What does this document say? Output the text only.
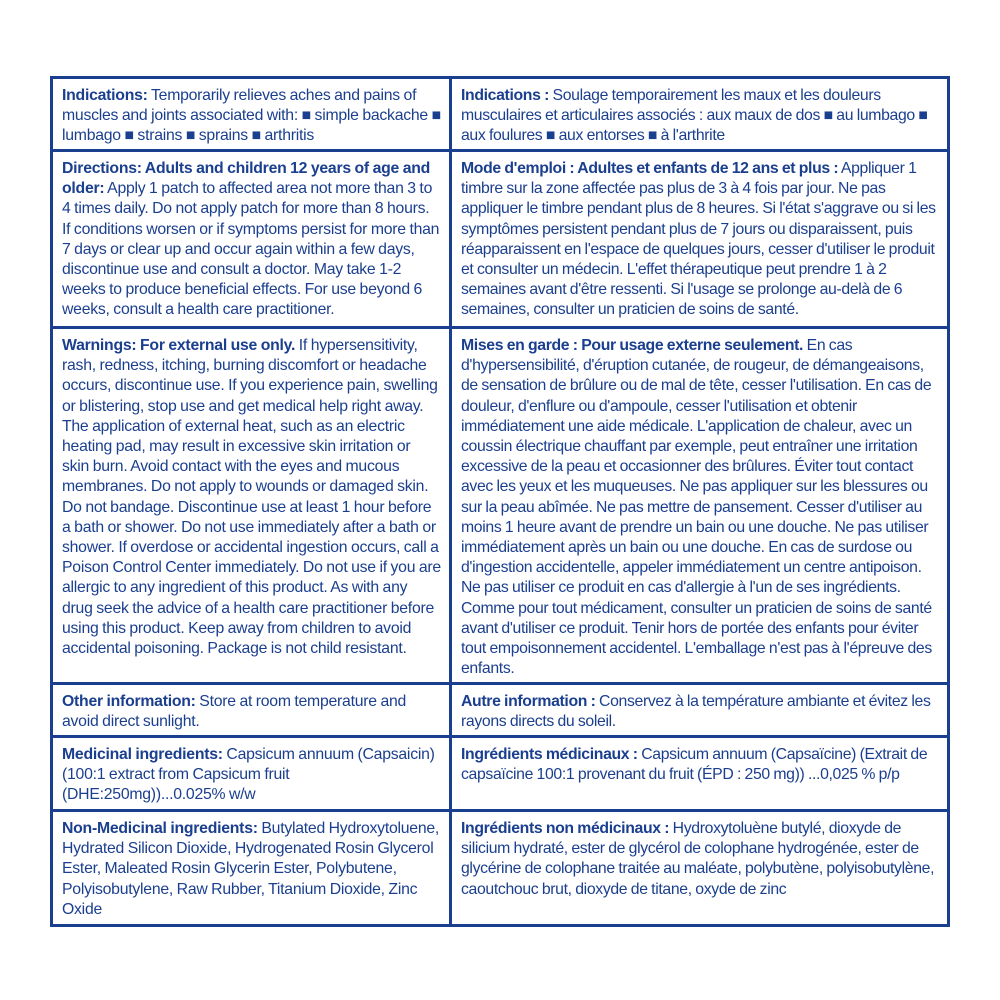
Indications: Temporarily relieves aches and pains of muscles and joints associated with: ■ simple backache ■ lumbago ■ strains ■ sprains ■ arthritis
Indications : Soulage temporairement les maux et les douleurs musculaires et articulaires associés : aux maux de dos ■ au lumbago ■ aux foulures ■ aux entorses ■ à l'arthrite
Directions: Adults and children 12 years of age and older: Apply 1 patch to affected area not more than 3 to 4 times daily. Do not apply patch for more than 8 hours. If conditions worsen or if symptoms persist for more than 7 days or clear up and occur again within a few days, discontinue use and consult a doctor. May take 1-2 weeks to produce beneficial effects. For use beyond 6 weeks, consult a health care practitioner.
Mode d'emploi : Adultes et enfants de 12 ans et plus : Appliquer 1 timbre sur la zone affectée pas plus de 3 à 4 fois par jour. Ne pas appliquer le timbre pendant plus de 8 heures. Si l'état s'aggrave ou si les symptômes persistent pendant plus de 7 jours ou disparaissent, puis réapparaissent en l'espace de quelques jours, cesser d'utiliser le produit et consulter un médecin. L'effet thérapeutique peut prendre 1 à 2 semaines avant d'être ressenti. Si l'usage se prolonge au-delà de 6 semaines, consulter un praticien de soins de santé.
Warnings: For external use only. If hypersensitivity, rash, redness, itching, burning discomfort or headache occurs, discontinue use. If you experience pain, swelling or blistering, stop use and get medical help right away. The application of external heat, such as an electric heating pad, may result in excessive skin irritation or skin burn. Avoid contact with the eyes and mucous membranes. Do not apply to wounds or damaged skin. Do not bandage. Discontinue use at least 1 hour before a bath or shower. Do not use immediately after a bath or shower. If overdose or accidental ingestion occurs, call a Poison Control Center immediately. Do not use if you are allergic to any ingredient of this product. As with any drug seek the advice of a health care practitioner before using this product. Keep away from children to avoid accidental poisoning. Package is not child resistant.
Mises en garde : Pour usage externe seulement. En cas d'hypersensibilité, d'éruption cutanée, de rougeur, de démangeaisons, de sensation de brûlure ou de mal de tête, cesser l'utilisation. En cas de douleur, d'enflure ou d'ampoule, cesser l'utilisation et obtenir immédiatement une aide médicale. L'application de chaleur, avec un coussin électrique chauffant par exemple, peut entraîner une irritation excessive de la peau et occasionner des brûlures. Éviter tout contact avec les yeux et les muqueuses. Ne pas appliquer sur les blessures ou sur la peau abîmée. Ne pas mettre de pansement. Cesser d'utiliser au moins 1 heure avant de prendre un bain ou une douche. Ne pas utiliser immédiatement après un bain ou une douche. En cas de surdose ou d'ingestion accidentelle, appeler immédiatement un centre antipoison. Ne pas utiliser ce produit en cas d'allergie à l'un de ses ingrédients. Comme pour tout médicament, consulter un praticien de soins de santé avant d'utiliser ce produit. Tenir hors de portée des enfants pour éviter tout empoisonnement accidentel. L'emballage n'est pas à l'épreuve des enfants.
Other information: Store at room temperature and avoid direct sunlight.
Autre information : Conservez à la température ambiante et évitez les rayons directs du soleil.
Medicinal ingredients: Capsicum annuum (Capsaicin) (100:1 extract from Capsicum fruit (DHE:250mg))...0.025% w/w
Ingrédients médicinaux : Capsicum annuum (Capsaïcine) (Extrait de capsaïcine 100:1 provenant du fruit (ÉPD : 250 mg)) ...0,025 % p/p
Non-Medicinal ingredients: Butylated Hydroxytoluene, Hydrated Silicon Dioxide, Hydrogenated Rosin Glycerol Ester, Maleated Rosin Glycerin Ester, Polybutene, Polyisobutylene, Raw Rubber, Titanium Dioxide, Zinc Oxide
Ingrédients non médicinaux : Hydroxytoluène butylé, dioxyde de silicium hydraté, ester de glycérol de colophane hydrogénée, ester de glycérine de colophane traitée au maléate, polybutène, polyisobutylène, caoutchouc brut, dioxyde de titane, oxyde de zinc
